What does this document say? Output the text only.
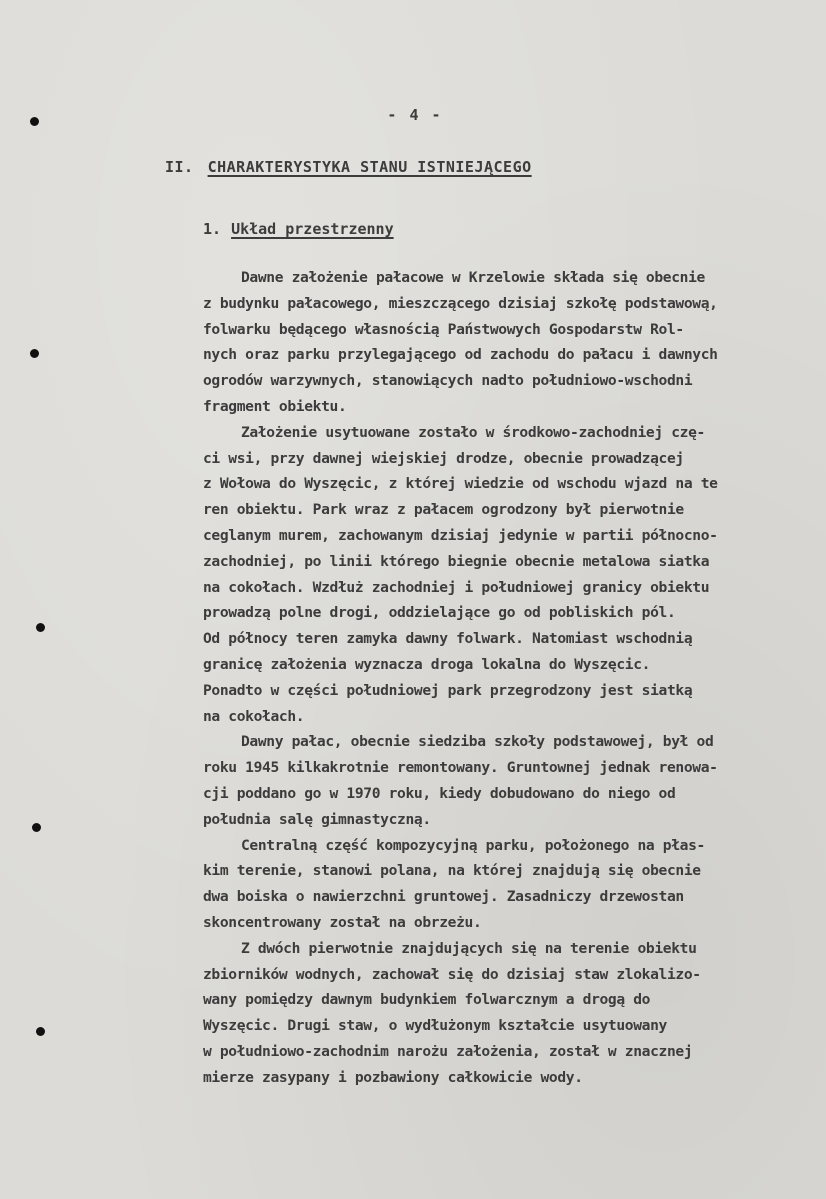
- 4 -
II. CHARAKTERYSTYKA STANU ISTNIEJĄCEGO
1. Układ przestrzenny
Dawne założenie pałacowe w Krzelowie składa się obecnie
z budynku pałacowego, mieszczącego dzisiaj szkołę podstawową,
folwarku będącego własnością Państwowych Gospodarstw Rol-
nych oraz parku przylegającego od zachodu do pałacu i dawnych
ogrodów warzywnych, stanowiących nadto południowo-wschodni
fragment obiektu.
Założenie usytuowane zostało w środkowo-zachodniej czę-
ci wsi, przy dawnej wiejskiej drodze, obecnie prowadzącej
z Wołowa do Wyszęcic, z której wiedzie od wschodu wjazd na te
ren obiektu. Park wraz z pałacem ogrodzony był pierwotnie
ceglanym murem, zachowanym dzisiaj jedynie w partii północno-
zachodniej, po linii którego biegnie obecnie metalowa siatka
na cokołach. Wzdłuż zachodniej i południowej granicy obiektu
prowadzą polne drogi, oddzielające go od pobliskich pól.
Od północy teren zamyka dawny folwark. Natomiast wschodnią
granicę założenia wyznacza droga lokalna do Wyszęcic.
Ponadto w części południowej park przegrodzony jest siatką
na cokołach.
Dawny pałac, obecnie siedziba szkoły podstawowej, był od
roku 1945 kilkakrotnie remontowany. Gruntownej jednak renowa-
cji poddano go w 1970 roku, kiedy dobudowano do niego od
południa salę gimnastyczną.
Centralną część kompozycyjną parku, położonego na płas-
kim terenie, stanowi polana, na której znajdują się obecnie
dwa boiska o nawierzchni gruntowej. Zasadniczy drzewostan
skoncentrowany został na obrzeżu.
Z dwóch pierwotnie znajdujących się na terenie obiektu
zbiorników wodnych, zachował się do dzisiaj staw zlokalizo-
wany pomiędzy dawnym budynkiem folwarcznym a drogą do
Wyszęcic. Drugi staw, o wydłużonym kształcie usytuowany
w południowo-zachodnim narożu założenia, został w znacznej
mierze zasypany i pozbawiony całkowicie wody.
